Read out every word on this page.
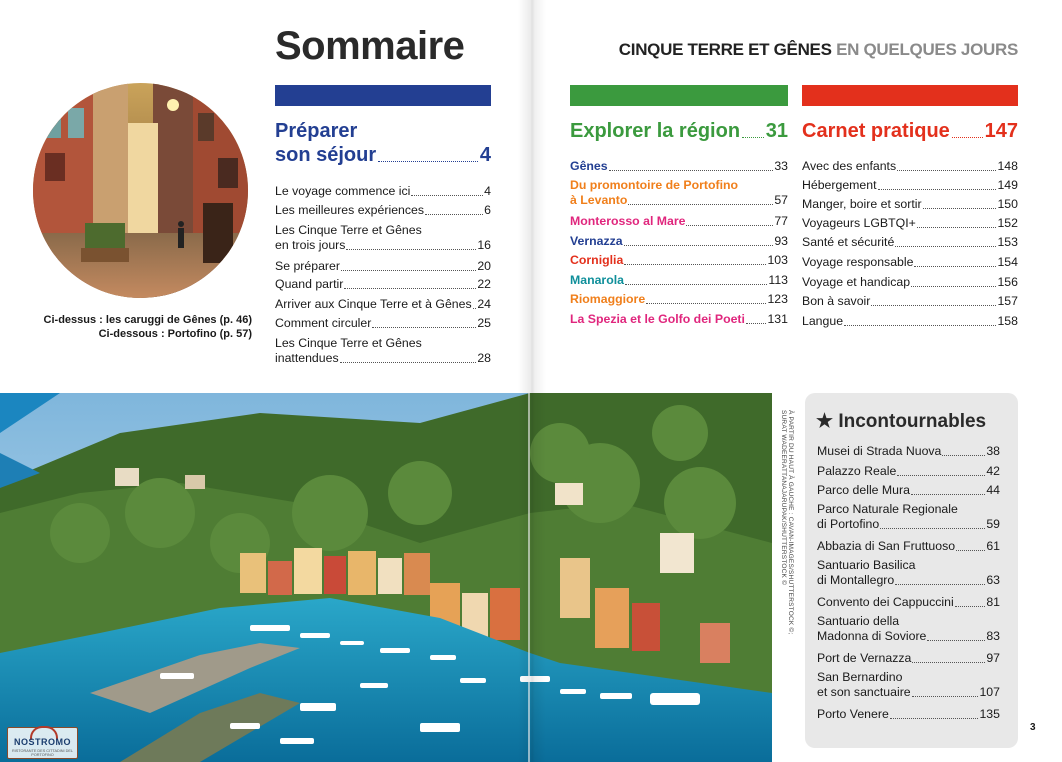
Ci-dessus : les caruggi de Gênes (p. 46)
Ci-dessous : Portofino (p. 57)
Sommaire
Préparer
son séjour	4
Le voyage commence ici	4
Les meilleures expériences	6
Les Cinque Terre et Gênes
en trois jours	16
Se préparer	20
Quand partir	22
Arriver aux Cinque Terre et à Gênes 24
Comment circuler	25
Les Cinque Terre et Gênes
inattendues	28
CINQUE TERRE ET GÊNES EN QUELQUES JOURS
Explorer la région 31
Gênes	33
Du promontoire de Portofino
à Levanto	57
Monterosso al Mare	77
Vernazza	93
Corniglia	103
Manarola	113
Riomaggiore	123
La Spezia et le Golfo dei Poeti 131
Carnet pratique 147
Avec des enfants	148
Hébergement	149
Manger, boire et sortir	150
Voyageurs LGBTQI+	152
Santé et sécurité	153
Voyage responsable	154
Voyage et handicap	156
Bon à savoir	157
Langue	158
NOSTROMO
RISTORANTE DES CITTADINI DEL PORTOFINO
À PARTIR DU HAUT À GAUCHE : CAVAN-IMAGES/SHUTTERSTOCK ©;
SURAT WADEERATTANAJARUPAK/SHUTTERSTOCK © ★ Incontournables
Musei di Strada Nuova	38
Palazzo Reale	42
Parco delle Mura	44
Parco Naturale Regionale
di Portofino	59
Abbazia di San Fruttuoso	61
Santuario Basilica
di Montallegro	63
Convento dei Cappuccini	81
Santuario della
Madonna di Soviore	83
Port de Vernazza	97
San Bernardino
et son sanctuaire	107
Porto Venere	135
3
